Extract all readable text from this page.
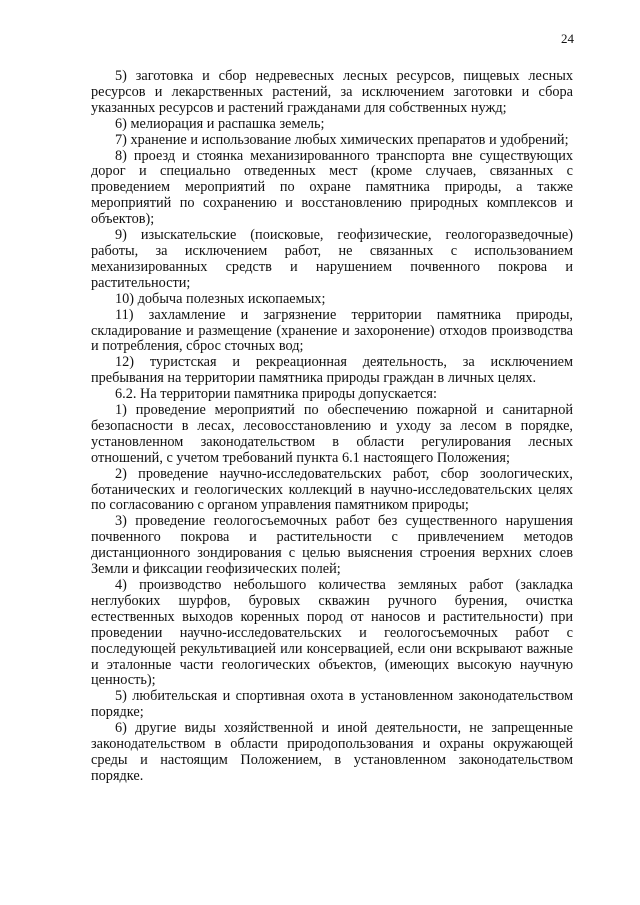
24

5) заготовка и сбор недревесных лесных ресурсов, пищевых лесных ресурсов и лекарственных растений, за исключением заготовки и сбора указанных ресурсов и растений гражданами для собственных нужд;

6) мелиорация и распашка земель;

7) хранение и использование любых химических препаратов и удобрений;

8) проезд и стоянка механизированного транспорта вне существующих дорог и специально отведенных мест (кроме случаев, связанных с проведением мероприятий по охране памятника природы, а также мероприятий по сохранению и восстановлению природных комплексов и объектов);

9) изыскательские (поисковые, геофизические, геологоразведочные) работы, за исключением работ, не связанных с использованием механизированных средств и нарушением почвенного покрова и растительности;

10) добыча полезных ископаемых;

11) захламление и загрязнение территории памятника природы, складирование и размещение (хранение и захоронение) отходов производства и потребления, сброс сточных вод;

12) туристская и рекреационная деятельность, за исключением пребывания на территории памятника природы граждан в личных целях.

6.2. На территории памятника природы допускается:

1) проведение мероприятий по обеспечению пожарной и санитарной безопасности в лесах, лесовосстановлению и уходу за лесом в порядке, установленном законодательством в области регулирования лесных отношений, с учетом требований пункта 6.1 настоящего Положения;

2) проведение научно-исследовательских работ, сбор зоологических, ботанических и геологических коллекций в научно-исследовательских целях по согласованию с органом управления памятником природы;

3) проведение геологосъемочных работ без существенного нарушения почвенного покрова и растительности с привлечением методов дистанционного зондирования с целью выяснения строения верхних слоев Земли и фиксации геофизических полей;

4) производство небольшого количества земляных работ (закладка неглубоких шурфов, буровых скважин ручного бурения, очистка естественных выходов коренных пород от наносов и растительности) при проведении научно-исследовательских и геологосъемочных работ с последующей рекультивацией или консервацией, если они вскрывают важные и эталонные части геологических объектов, (имеющих высокую научную ценность);

5) любительская и спортивная охота в установленном законодательством порядке;

6) другие виды хозяйственной и иной деятельности, не запрещенные законодательством в области природопользования и охраны окружающей среды и настоящим Положением, в установленном законодательством порядке.
